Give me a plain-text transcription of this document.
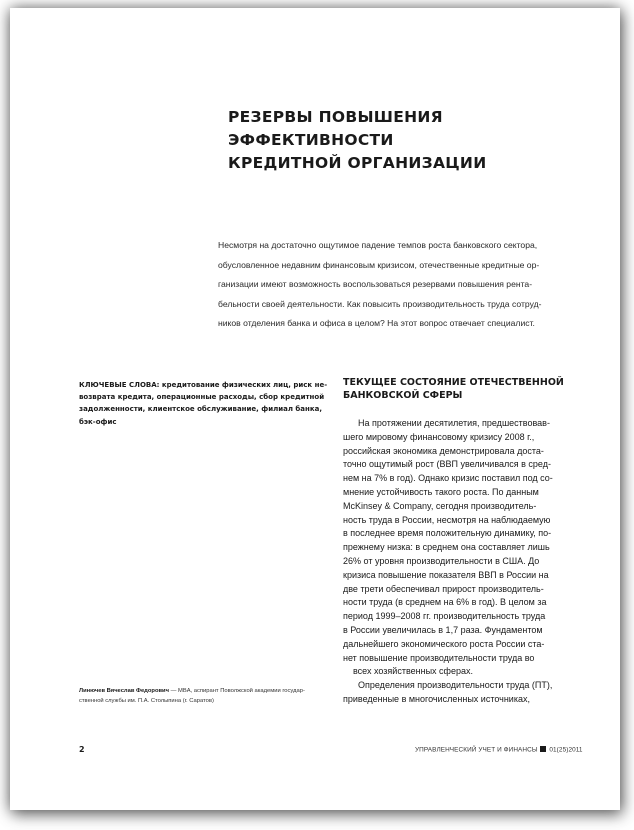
РЕЗЕРВЫ ПОВЫШЕНИЯ ЭФФЕКТИВНОСТИ
КРЕДИТНОЙ ОРГАНИЗАЦИИ
Несмотря на достаточно ощутимое падение темпов роста банковского сектора,
обусловленное недавним финансовым кризисом, отечественные кредитные ор-
ганизации имеют возможность воспользоваться резервами повышения рента-
бельности своей деятельности. Как повысить производительность труда сотруд-
ников отделения банка и офиса в целом? На этот вопрос отвечает специалист.
КЛЮЧЕВЫЕ СЛОВА: кредитование физических лиц, риск не-
возврата кредита, операционные расходы, сбор кредитной
задолженности, клиентское обслуживание, филиал банка,
бэк-офис
ТЕКУЩЕЕ СОСТОЯНИЕ ОТЕЧЕСТВЕННОЙ
БАНКОВСКОЙ СФЕРЫ
На протяжении десятилетия, предшествовав-
шего мировому финансовому кризису 2008 г.,
российская экономика демонстрировала доста-
точно ощутимый рост (ВВП увеличивался в сред-
нем на 7% в год). Однако кризис поставил под со-
мнение устойчивость такого роста. По данным
McKinsey & Company, сегодня производитель-
ность труда в России, несмотря на наблюдаемую
в последнее время положительную динамику, по-
прежнему низка: в среднем она составляет лишь
26% от уровня производительности в США. До
кризиса повышение показателя ВВП в России на
две трети обеспечивал прирост производитель-
ности труда (в среднем на 6% в год). В целом за
период 1999–2008 гг. производительность труда
в России увеличилась в 1,7 раза. Фундаментом
дальнейшего экономического роста России ста-
нет повышение производительности труда во
всех хозяйственных сферах.
Определения производительности труда (ПТ),
приведенные в многочисленных источниках,
Линючев Вячеслав Федорович — MBA, аспирант Поволжской академии государ-
ственной службы им. П.А. Столыпина (г. Саратов)
2	УПРАВЛЕНЧЕСКИЙ УЧЕТ И ФИНАНСЫ 01(25)2011
